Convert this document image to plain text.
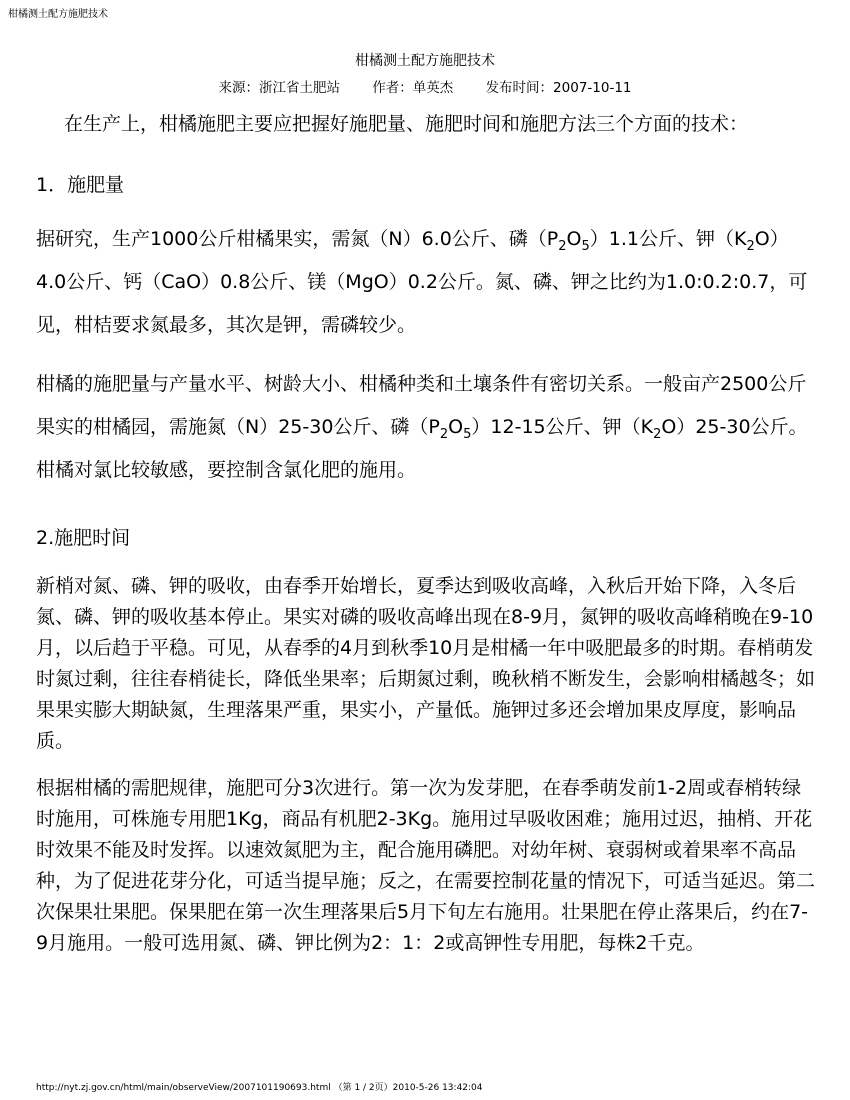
柑橘测土配方施肥技术
柑橘测土配方施肥技术
来源：浙江省土肥站 作者：单英杰 发布时间：2007-10-11

在生产上，柑橘施肥主要应把握好施肥量、施肥时间和施肥方法三个方面的技术：

1．施肥量

据研究，生产1000公斤柑橘果实，需氮（N）6.0公斤、磷$(P_2O_5)1.1$公斤、钾$(K_2O)4.0$公斤、钙（CaO）0.8公斤、镁（MgO）0.2公斤。氮、磷、钾之比约为1.0:0.2:0.7，可见，柑桔要求氮最多，其次是钾，需磷较少。

柑橘的施肥量与产量水平、树龄大小、柑橘种类和土壤条件有密切关系。一般亩产2500公斤果实的柑橘园，需施氮（N）25-30公斤、磷$(P_2O_5)12-15$公斤、钾$(K_2O)25-30$公斤。柑橘对氯比较敏感，要控制含氯化肥的施用。

2.施肥时间

新梢对氮、磷、钾的吸收，由春季开始增长，夏季达到吸收高峰，入秋后开始下降，入冬后氮、磷、钾的吸收基本停止。果实对磷的吸收高峰出现在8-9月，氮钾的吸收高峰稍晚在9-10月，以后趋于平稳。可见，从春季的4月到秋季10月是柑橘一年中吸肥最多的时期。春梢萌发时氮过剩，往往春梢徒长，降低坐果率；后期氮过剩，晚秋梢不断发生，会影响柑橘越冬；如果果实膨大期缺氮，生理落果严重，果实小，产量低。施钾过多还会增加果皮厚度，影响品质。

根据柑橘的需肥规律，施肥可分3次进行。第一次为发芽肥，在春季萌发前1-2周或春梢转绿时施用，可株施专用肥1Kg，商品有机肥2-3Kg。施用过早吸收困难；施用过迟，抽梢、开花时效果不能及时发挥。以速效氮肥为主，配合施用磷肥。对幼年树、衰弱树或着果率不高品种，为了促进花芽分化，可适当提早施；反之，在需要控制花量的情况下，可适当延迟。第二次保果壮果肥。保果肥在第一次生理落果后5月下旬左右施用。壮果肥在停止落果后，约在7-9月施用。一般可选用氮、磷、钾比例为2：1：2或高钾性专用肥，每株2千克。

http://nyt.zj.gov.cn/html/main/observeView/2007101190693.html （第 1 / 2页）2010-5-26 13:42:04
